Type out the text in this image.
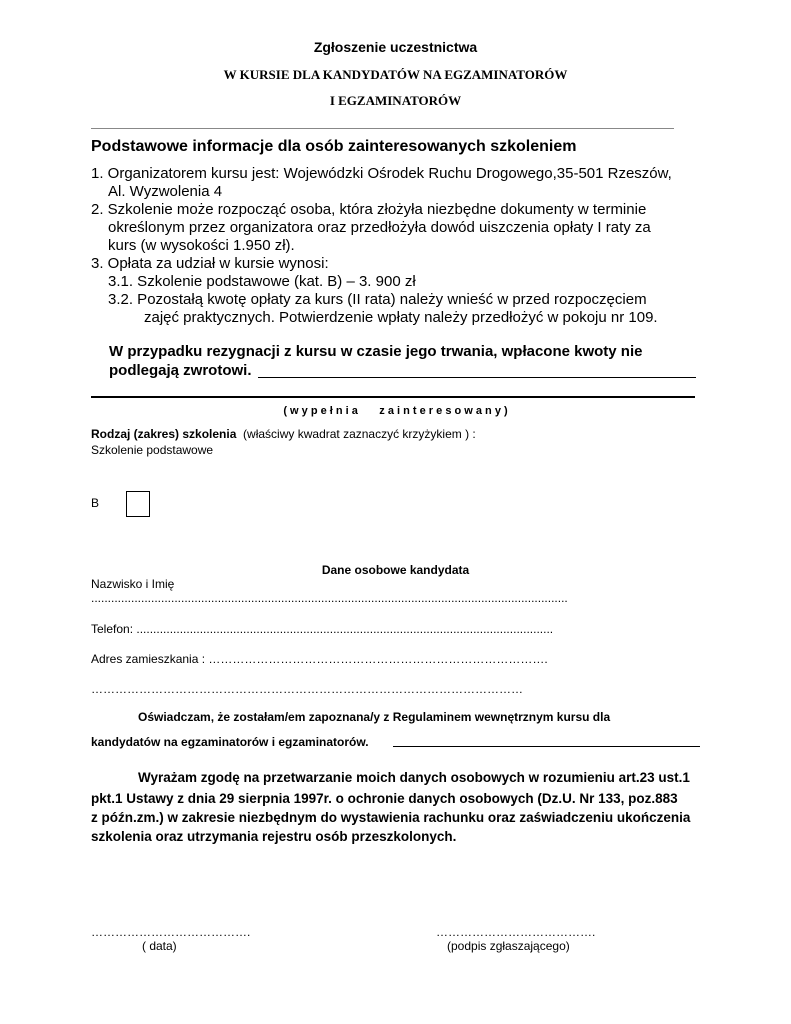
Zgłoszenie uczestnictwa
W KURSIE DLA KANDYDATÓW NA EGZAMINATORÓW
I EGZAMINATORÓW
Podstawowe informacje dla osób zainteresowanych szkoleniem
1. Organizatorem kursu jest: Wojewódzki Ośrodek Ruchu Drogowego,35-501 Rzeszów,
Al. Wyzwolenia 4
2. Szkolenie może rozpocząć osoba, która złożyła niezbędne dokumenty w terminie
określonym przez organizatora oraz przedłożyła dowód uiszczenia opłaty I raty za
kurs (w wysokości 1.950 zł).
3. Opłata za udział w kursie wynosi:
3.1. Szkolenie podstawowe (kat. B) – 3. 900 zł
3.2. Pozostałą kwotę opłaty za kurs (II rata) należy wnieść w przed rozpoczęciem
zajęć praktycznych. Potwierdzenie wpłaty należy przedłożyć w pokoju nr 109.
W przypadku rezygnacji z kursu w czasie jego trwania, wpłacone kwoty nie
podlegają zwrotowi.
( w y p e ł n i a       z a i n t e r e s o w a n y )
Rodzaj (zakres) szkolenia  (właściwy kwadrat zaznaczyć krzyżykiem ) :
Szkolenie podstawowe
B
Dane osobowe kandydata
Nazwisko i Imię
...............................................................................................................................................
Telefon: .............................................................................................................................
Adres zamieszkania : ………………………………………………………………………….
………………………………………………………………………………………………
Oświadczam, że zostałam/em zapoznana/y z Regulaminem wewnętrznym kursu dla
kandydatów na egzaminatorów i egzaminatorów.
Wyrażam zgodę na przetwarzanie moich danych osobowych w rozumieniu art.23 ust.1
pkt.1 Ustawy z dnia 29 sierpnia 1997r. o ochronie danych osobowych (Dz.U. Nr 133, poz.883
z późn.zm.) w zakresie niezbędnym do wystawienia rachunku oraz zaświadczeniu ukończenia
szkolenia oraz utrzymania rejestru osób przeszkolonych.
………………………………….
( data)
………………………………….
(podpis zgłaszającego)
